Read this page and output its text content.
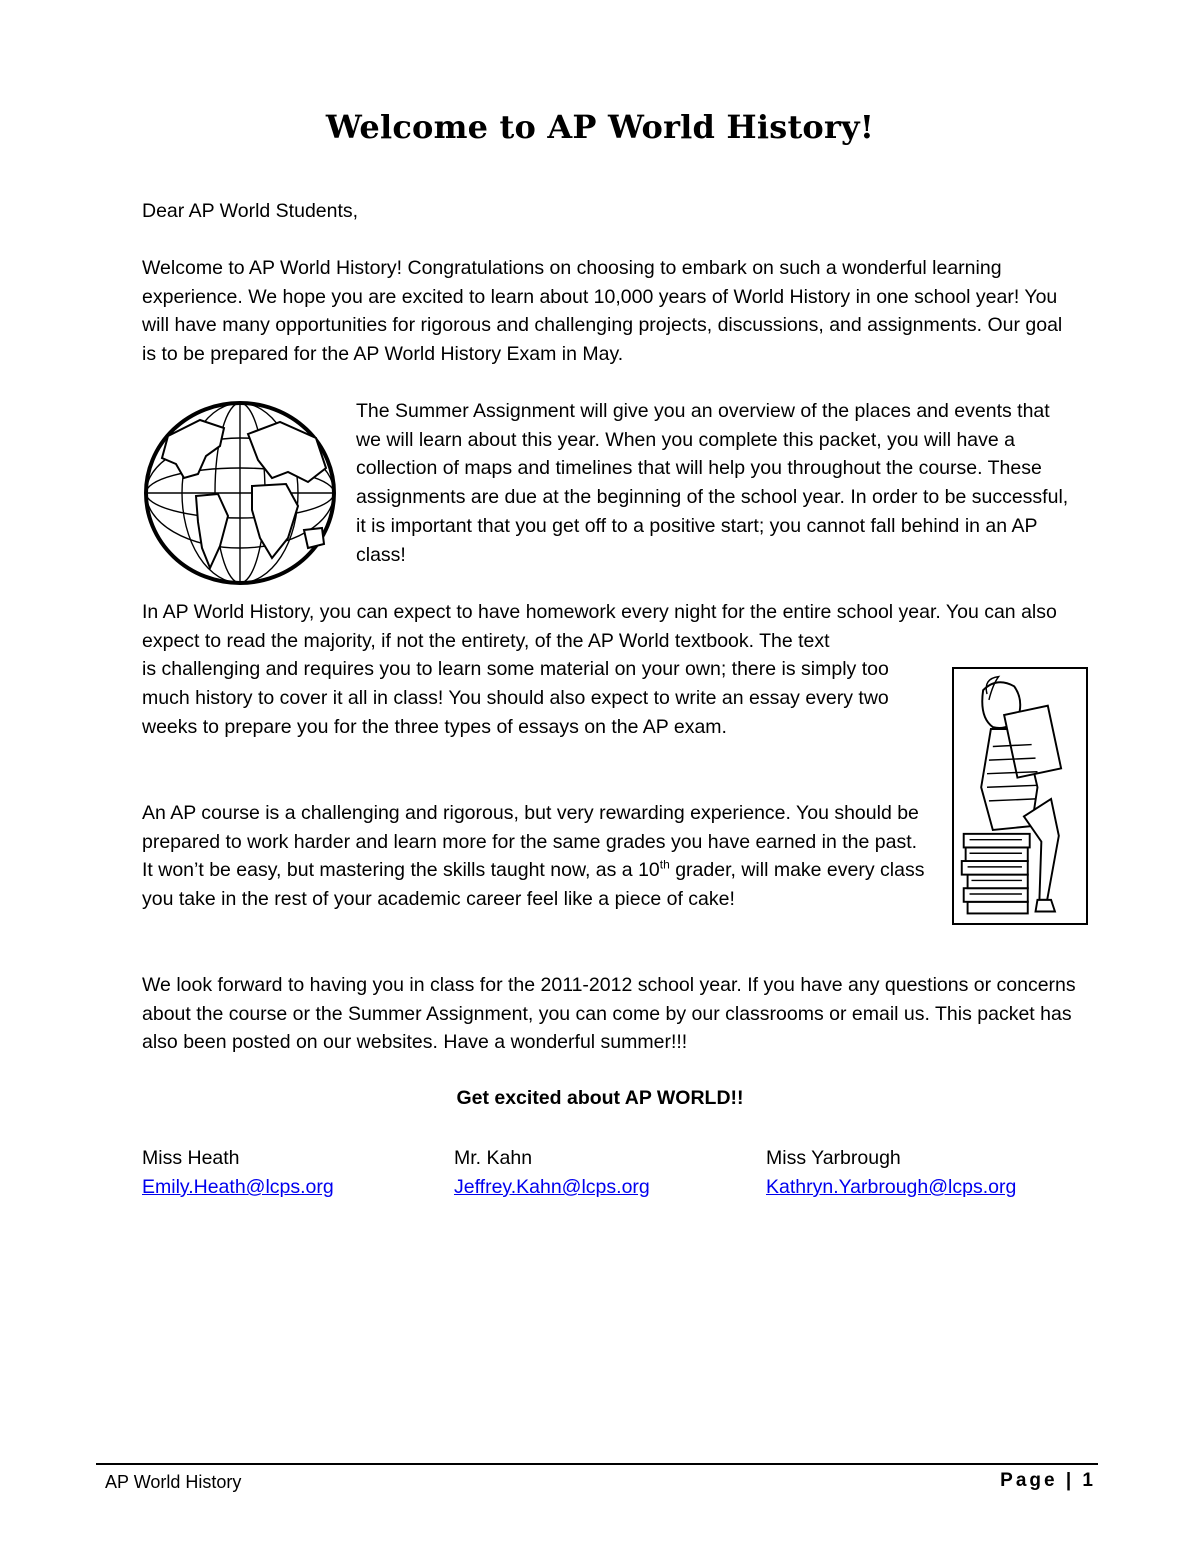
Welcome to AP World History!
Dear AP World Students,
Welcome to AP World History! Congratulations on choosing to embark on such a wonderful learning experience. We hope you are excited to learn about 10,000 years of World History in one school year! You will have many opportunities for rigorous and challenging projects, discussions, and assignments. Our goal is to be prepared for the AP World History Exam in May.
The Summer Assignment will give you an overview of the places and events that we will learn about this year. When you complete this packet, you will have a collection of maps and timelines that will help you throughout the course. These assignments are due at the beginning of the school year. In order to be successful, it is important that you get off to a positive start; you cannot fall behind in an AP class!
In AP World History, you can expect to have homework every night for the entire school year. You can also expect to read the majority, if not the entirety, of the AP World textbook. The text
is challenging and requires you to learn some material on your own; there is simply too much history to cover it all in class! You should also expect to write an essay every two weeks to prepare you for the three types of essays on the AP exam.
An AP course is a challenging and rigorous, but very rewarding experience. You should be prepared to work harder and learn more for the same grades you have earned in the past. It won’t be easy, but mastering the skills taught now, as a 10th grader, will make every class you take in the rest of your academic career feel like a piece of cake!
We look forward to having you in class for the 2011-2012 school year. If you have any questions or concerns about the course or the Summer Assignment, you can come by our classrooms or email us. This packet has also been posted on our websites. Have a wonderful summer!!!
Get excited about AP WORLD!!
Miss Heath
Emily.Heath@lcps.org
Mr. Kahn
Jeffrey.Kahn@lcps.org
Miss Yarbrough
Kathryn.Yarbrough@lcps.org
AP World History	Page | 1
